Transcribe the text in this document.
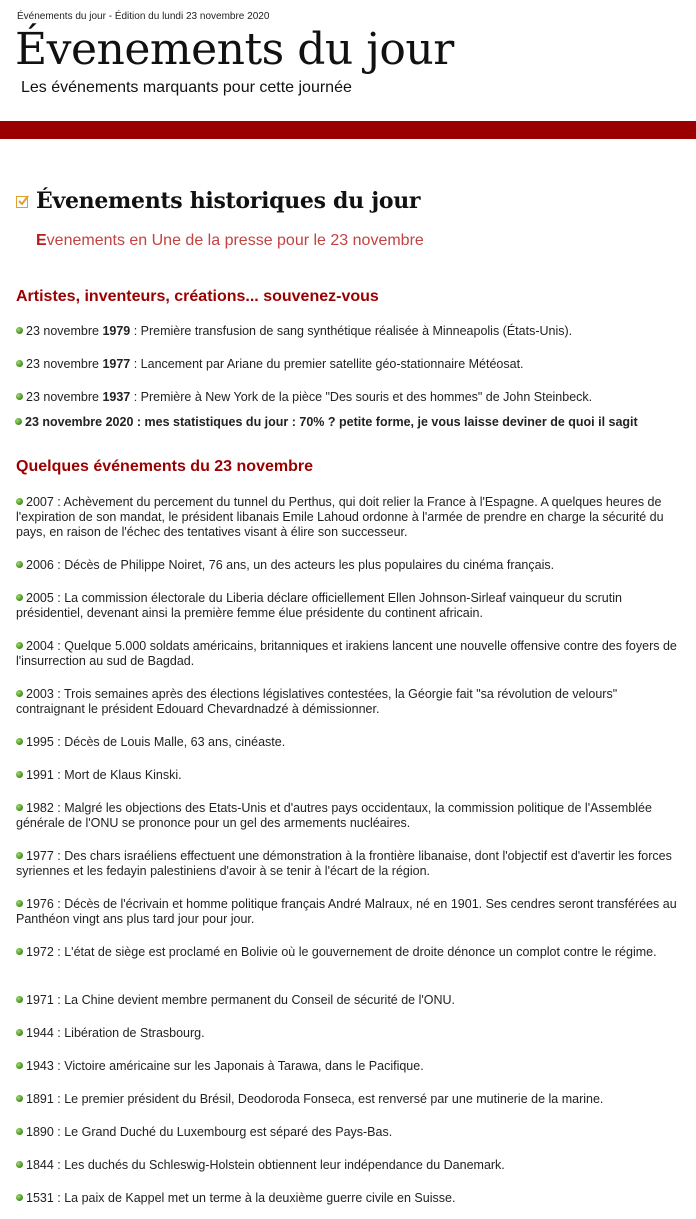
Événements du jour - Édition du lundi 23 novembre 2020
Évenements du jour
Les événements marquants pour cette journée
Évenements historiques du jour
Evenements en Une de la presse pour le 23 novembre
Artistes, inventeurs, créations... souvenez-vous
23 novembre 1979 : Première transfusion de sang synthétique réalisée à Minneapolis (États-Unis).
23 novembre 1977 : Lancement par Ariane du premier satellite géo-stationnaire Météosat.
23 novembre 1937 : Première à New York de la pièce "Des souris et des hommes" de John Steinbeck.
23 novembre 2020 : mes statistiques du jour : 70% ? petite forme, je vous laisse deviner de quoi il sagit
Quelques événements du 23 novembre
2007 : Achèvement du percement du tunnel du Perthus, qui doit relier la France à l'Espagne. A quelques heures de l'expiration de son mandat, le président libanais Emile Lahoud ordonne à l'armée de prendre en charge la sécurité du pays, en raison de l'échec des tentatives visant à élire son successeur.
2006 : Décès de Philippe Noiret, 76 ans, un des acteurs les plus populaires du cinéma français.
2005 : La commission électorale du Liberia déclare officiellement Ellen Johnson-Sirleaf vainqueur du scrutin présidentiel, devenant ainsi la première femme élue présidente du continent africain.
2004 : Quelque 5.000 soldats américains, britanniques et irakiens lancent une nouvelle offensive contre des foyers de l'insurrection au sud de Bagdad.
2003 : Trois semaines après des élections législatives contestées, la Géorgie fait "sa révolution de velours" contraignant le président Edouard Chevardnadzé à démissionner.
1995 : Décès de Louis Malle, 63 ans, cinéaste.
1991 : Mort de Klaus Kinski.
1982 : Malgré les objections des Etats-Unis et d'autres pays occidentaux, la commission politique de l'Assemblée générale de l'ONU se prononce pour un gel des armements nucléaires.
1977 : Des chars israéliens effectuent une démonstration à la frontière libanaise, dont l'objectif est d'avertir les forces syriennes et les fedayin palestiniens d'avoir à se tenir à l'écart de la région.
1976 : Décès de l'écrivain et homme politique français André Malraux, né en 1901. Ses cendres seront transférées au Panthéon vingt ans plus tard jour pour jour.
1972 : L'état de siège est proclamé en Bolivie où le gouvernement de droite dénonce un complot contre le régime.
1971 : La Chine devient membre permanent du Conseil de sécurité de l'ONU.
1944 : Libération de Strasbourg.
1943 : Victoire américaine sur les Japonais à Tarawa, dans le Pacifique.
1891 : Le premier président du Brésil, Deodoroda Fonseca, est renversé par une mutinerie de la marine.
1890 : Le Grand Duché du Luxembourg est séparé des Pays-Bas.
1844 : Les duchés du Schleswig-Holstein obtiennent leur indépendance du Danemark.
1531 : La paix de Kappel met un terme à la deuxième guerre civile en Suisse.
